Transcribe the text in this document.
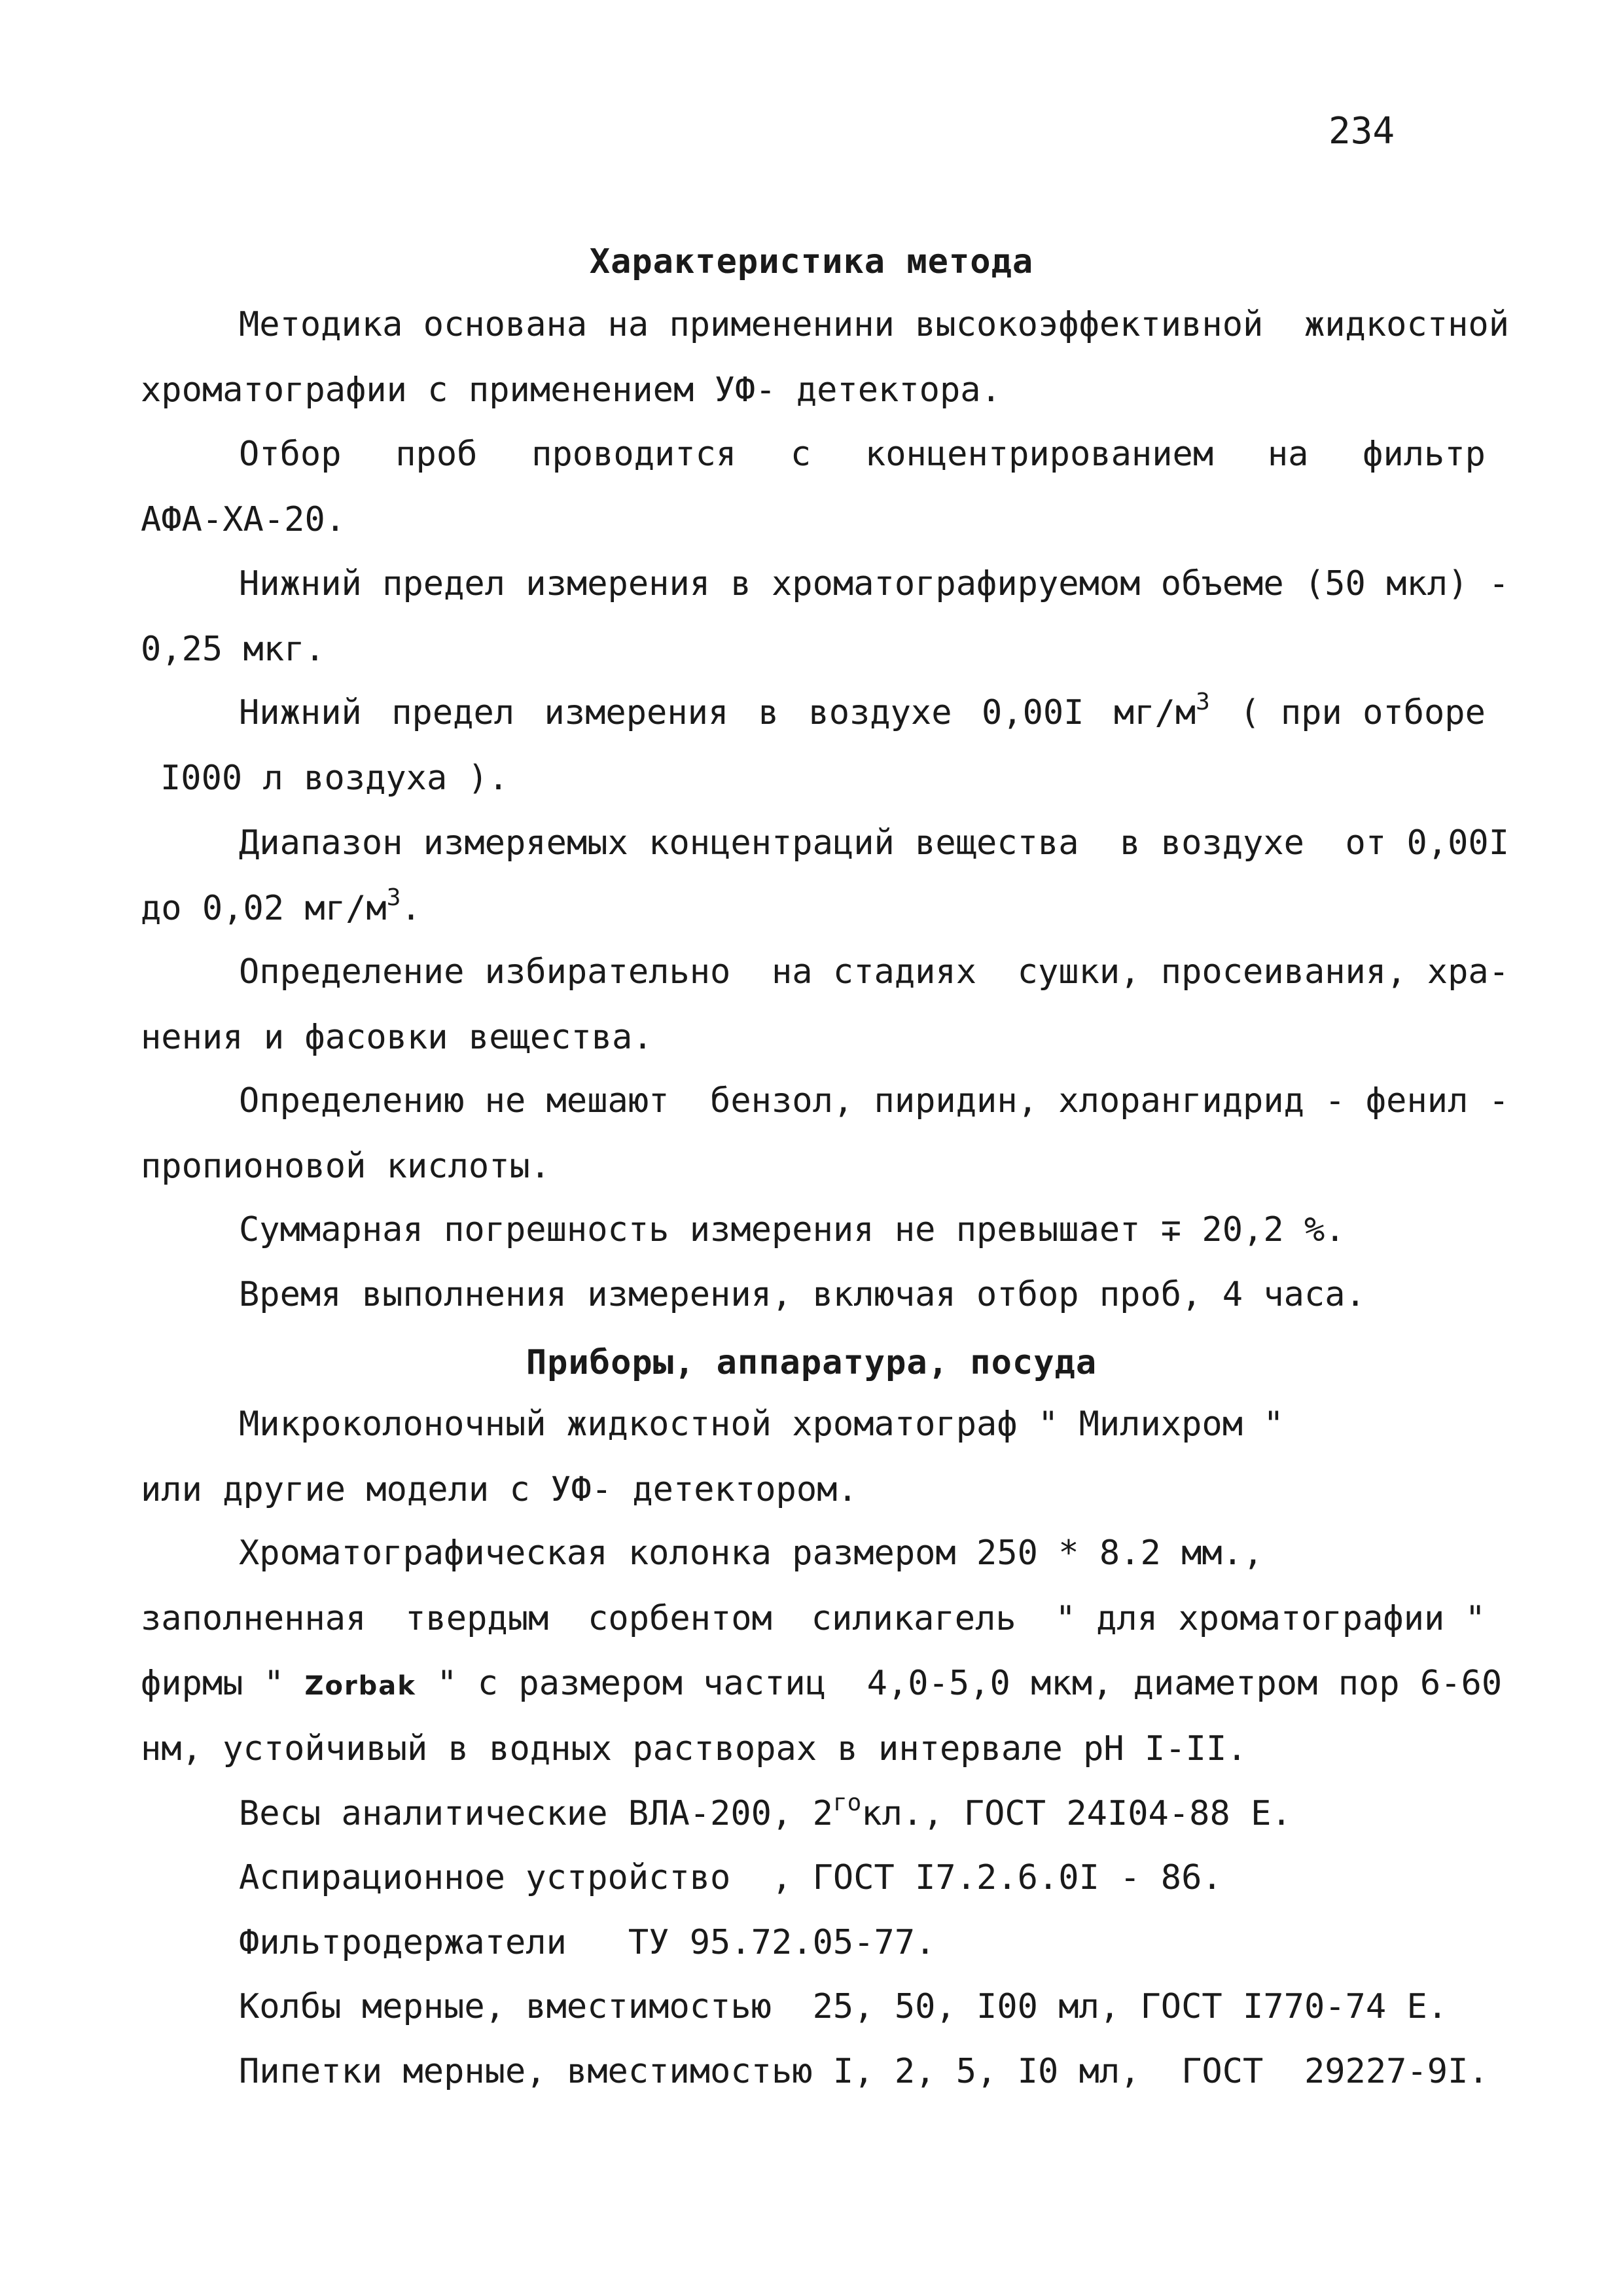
234
Характеристика метода
Методика основана на примененини высокоэффективной  жидкостной
хроматографии с применением УФ- детектора.
Отбор проб проводится с концентрированием на фильтр
АФА-ХА-20.
Нижний предел измерения в хроматографируемом объеме (50 мкл) -
0,25 мкг.
Нижний предел измерения в воздухе 0,00I $мг/м^3$ ( при отборе
I000 л воздуха ).
Диапазон измеряемых концентраций вещества  в воздухе  от 0,00I
до 0,02 $мг/м^3$.
Определение избирательно  на стадиях  сушки, просеивания, хра-
нения и фасовки вещества.
Определению не мешают  бензол, пиридин, хлорангидрид - фенил -
пропионовой кислоты.
Суммарная погрешность измерения не превышает ∓ 20,2 %.
Время выполнения измерения, включая отбор проб, 4 часа.
Приборы, аппаратура, посуда
Микроколоночный жидкостной хроматограф " Милихром "
или другие модели с УФ- детектором.
Хроматографическая колонка размером 250 * 8.2 мм.,
заполненная твердым сорбентом силикагель " для хроматографии "
фирмы " Zorbak " с размером частиц  4,0-5,0 мкм, диаметром пор 6-60
нм, устойчивый в водных растворах в интервале pH I-II.
Весы аналитические ВЛА-200, $2^{го}кл$., ГОСТ 24I04-88 Е.
Аспирационное устройство  , ГОСТ I7.2.6.0I - 86.
Фильтродержатели   ТУ 95.72.05-77.
Колбы мерные, вместимостью  25, 50, I00 мл, ГОСТ I770-74 Е.
Пипетки мерные, вместимостью I, 2, 5, I0 мл,  ГОСТ  29227-9I.
